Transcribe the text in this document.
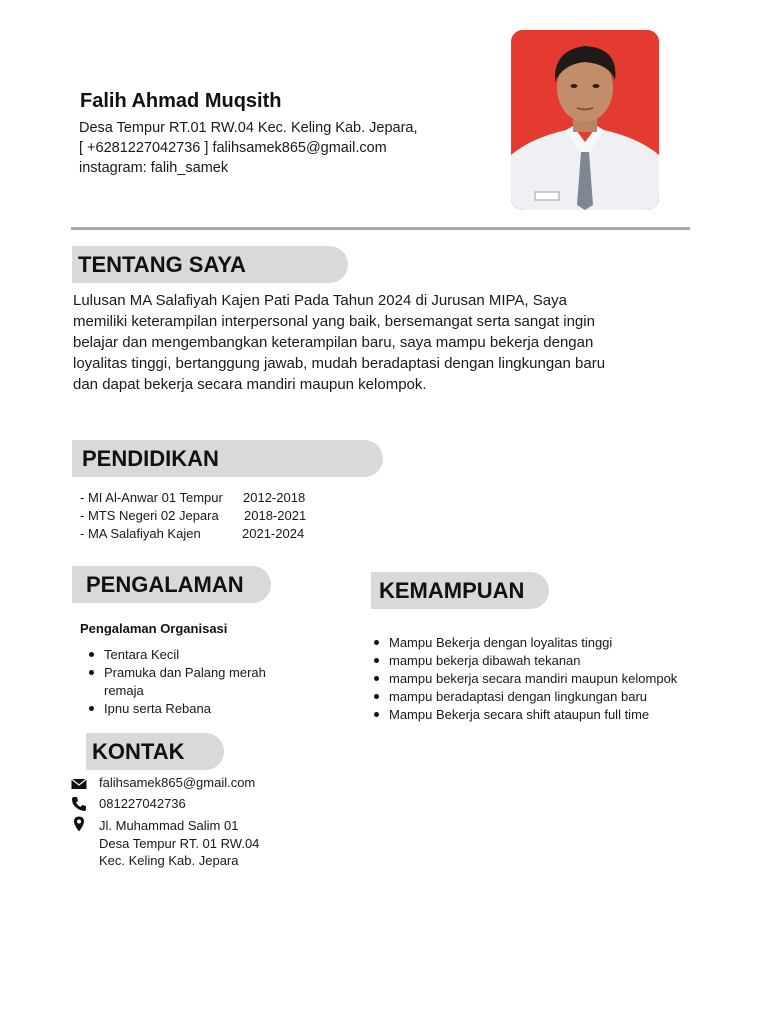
Falih Ahmad Muqsith
Desa Tempur RT.01 RW.04 Kec. Keling Kab. Jepara,
[ +6281227042736 ] falihsamek865@gmail.com
instagram: falih_samek
TENTANG SAYA
Lulusan MA Salafiyah Kajen Pati Pada Tahun 2024 di Jurusan MIPA, Saya memiliki keterampilan interpersonal yang baik, bersemangat serta sangat ingin belajar dan mengembangkan keterampilan baru, saya mampu bekerja dengan loyalitas tinggi, bertanggung jawab, mudah beradaptasi dengan lingkungan baru dan dapat bekerja secara mandiri maupun kelompok.
PENDIDIKAN
- MI Al-Anwar 01 Tempur 2012-2018
- MTS Negeri 02 Jepara 2018-2021
- MA Salafiyah Kajen	2021-2024
PENGALAMAN
Pengalaman Organisasi
Tentara Kecil
Pramuka dan Palang merah remaja
Ipnu serta Rebana
KEMAMPUAN
Mampu Bekerja dengan loyalitas tinggi
mampu bekerja dibawah tekanan
mampu bekerja secara mandiri maupun kelompok
mampu beradaptasi dengan lingkungan baru
Mampu Bekerja secara shift ataupun full time
KONTAK
falihsamek865@gmail.com
081227042736
Jl. Muhammad Salim 01
Desa Tempur RT. 01 RW.04
Kec. Keling Kab. Jepara
